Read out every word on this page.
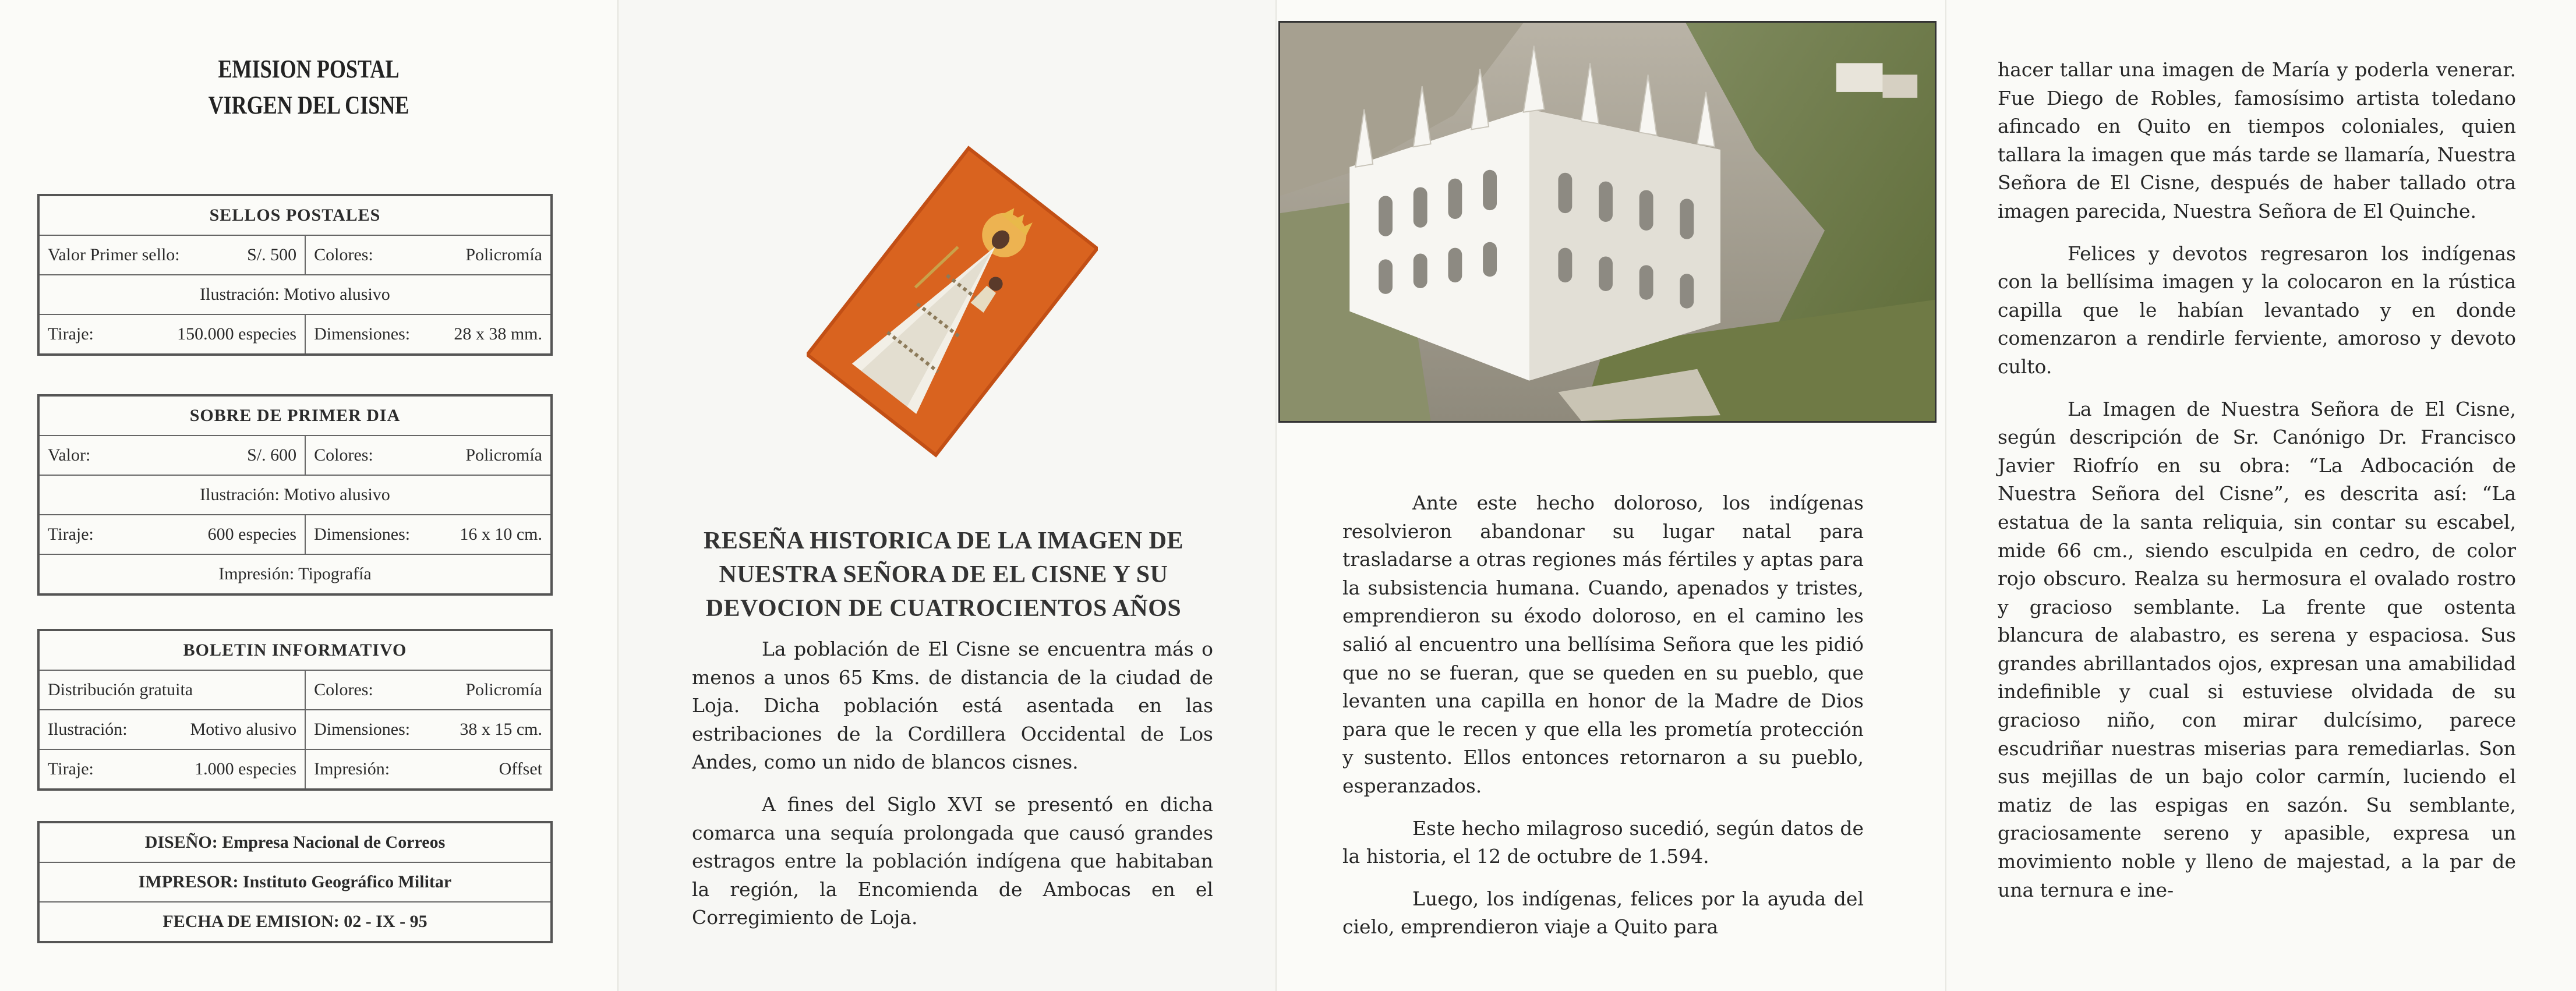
EMISION POSTAL
VIRGEN DEL CISNE
SELLOS POSTALES	

Valor Primer sello: S/. 500	Colores: Policromía

Ilustración: Motivo alusivo	

Tiraje: 150.000 especies	Dimensiones: 28 x 38 mm.
SOBRE DE PRIMER DIA	

Valor: S/. 600	Colores: Policromía

Ilustración: Motivo alusivo	

Tiraje: 600 especies	Dimensiones: 16 x 10 cm.

Impresión: Tipografía	
BOLETIN INFORMATIVO	
Distribución gratuita	Colores: Policromía

Ilustración: Motivo alusivo	Dimensiones: 38 x 15 cm.

Tiraje: 1.000 especies	Impresión: Offset
DISEÑO: Empresa Nacional de Correos
IMPRESOR: Instituto Geográfico Militar
FECHA DE EMISION: 02 - IX - 95
RESEÑA HISTORICA DE LA IMAGEN DE
NUESTRA SEÑORA DE EL CISNE Y SU
DEVOCION DE CUATROCIENTOS AÑOS

La población de El Cisne se encuentra más o menos a unos 65 Kms. de distancia de la ciudad de Loja. Dicha población está asentada en las estribaciones de la Cordillera Occidental de Los Andes, como un nido de blancos cisnes.

A fines del Siglo XVI se presentó en dicha comarca una sequía prolongada que causó grandes estragos entre la población indígena que habitaban la región, la Encomienda de Ambocas en el Corregimiento de Loja.

Ante este hecho doloroso, los indígenas resolvieron abandonar su lugar natal para trasladarse a otras regiones más fértiles y aptas para la subsistencia humana. Cuando, apenados y tristes, emprendieron su éxodo doloroso, en el camino les salió al encuentro una bellísima Señora que les pidió que no se fueran, que se queden en su pueblo, que levanten una capilla en honor de la Madre de Dios para que le recen y que ella les prometía protección y sustento. Ellos entonces retornaron a su pueblo, esperanzados.

Este hecho milagroso sucedió, según datos de la historia, el 12 de octubre de 1.594.

Luego, los indígenas, felices por la ayuda del cielo, emprendieron viaje a Quito para

hacer tallar una imagen de María y poderla venerar. Fue Diego de Robles, famosísimo artista toledano afincado en Quito en tiempos coloniales, quien tallara la imagen que más tarde se llamaría, Nuestra Señora de El Cisne, después de haber tallado otra imagen parecida, Nuestra Señora de El Quinche.

Felices y devotos regresaron los indígenas con la bellísima imagen y la colocaron en la rústica capilla que le habían levantado y en donde comenzaron a rendirle ferviente, amoroso y devoto culto.

La Imagen de Nuestra Señora de El Cisne, según descripción de Sr. Canónigo Dr. Francisco Javier Riofrío en su obra: “La Adbocación de Nuestra Señora del Cisne”, es descrita así: “La estatua de la santa reliquia, sin contar su escabel, mide 66 cm., siendo esculpida en cedro, de color rojo obscuro. Realza su hermosura el ovalado rostro y gracioso semblante. La frente que ostenta blancura de alabastro, es serena y espaciosa. Sus grandes abrillantados ojos, expresan una amabilidad indefinible y cual si estuviese olvidada de su gracioso niño, con mirar dulcísimo, parece escudriñar nuestras miserias para remediarlas. Son sus mejillas de un bajo color carmín, luciendo el matiz de las espigas en sazón. Su semblante, graciosamente sereno y apasible, expresa un movimiento noble y lleno de majestad, a la par de una ternura e ine-
